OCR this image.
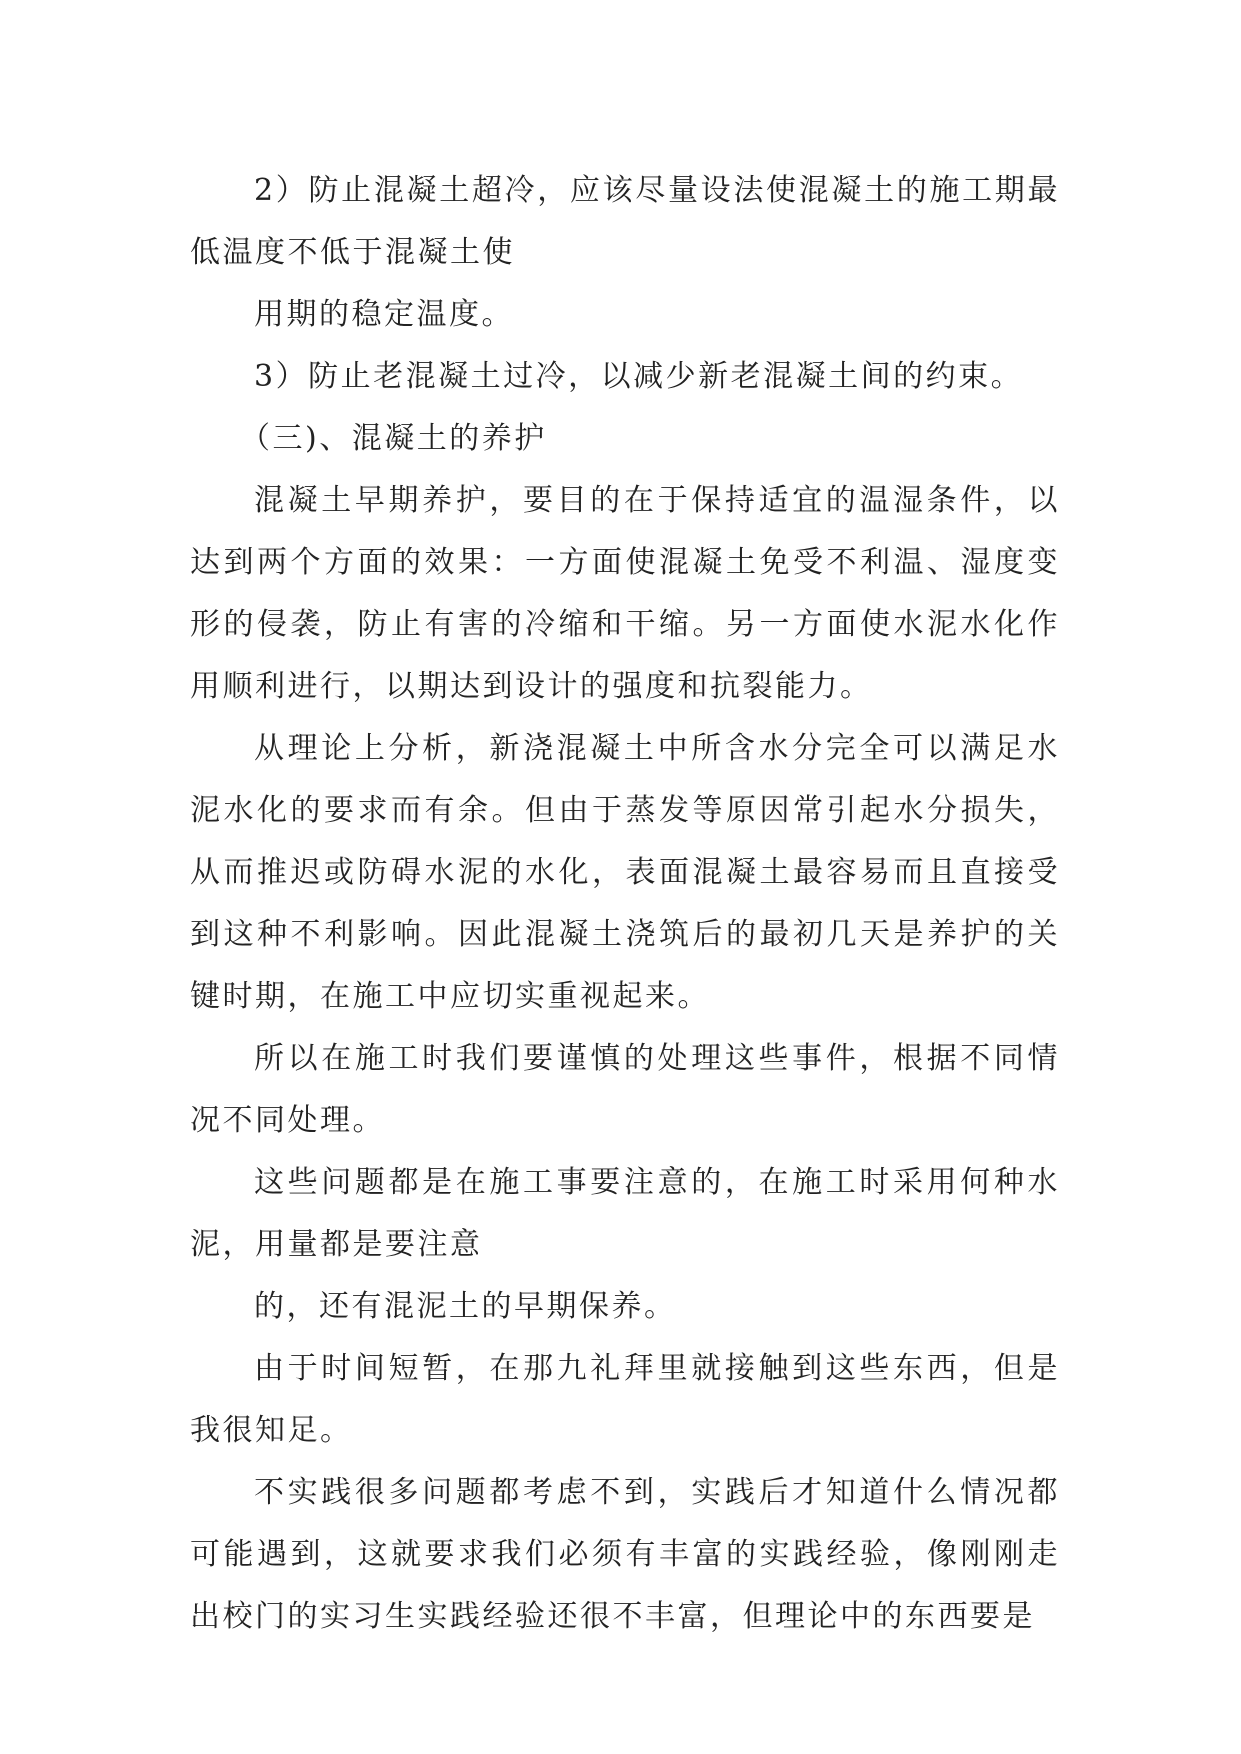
2）防止混凝土超冷，应该尽量设法使混凝土的施工期最低温度不低于混凝土使

用期的稳定温度。

3）防止老混凝土过冷，以减少新老混凝土间的约束。

（三)、混凝土的养护

混凝土早期养护，要目的在于保持适宜的温湿条件，以达到两个方面的效果：一方面使混凝土免受不利温、湿度变形的侵袭，防止有害的冷缩和干缩。另一方面使水泥水化作用顺利进行，以期达到设计的强度和抗裂能力。

从理论上分析，新浇混凝土中所含水分完全可以满足水泥水化的要求而有余。但由于蒸发等原因常引起水分损失，从而推迟或防碍水泥的水化，表面混凝土最容易而且直接受到这种不利影响。因此混凝土浇筑后的最初几天是养护的关键时期，在施工中应切实重视起来。

所以在施工时我们要谨慎的处理这些事件，根据不同情况不同处理。

这些问题都是在施工事要注意的，在施工时采用何种水泥，用量都是要注意

的，还有混泥土的早期保养。

由于时间短暂，在那九礼拜里就接触到这些东西，但是我很知足。

不实践很多问题都考虑不到，实践后才知道什么情况都可能遇到，这就要求我们必须有丰富的实践经验，像刚刚走出校门的实习生实践经验还很不丰富，但理论中的东西要是
